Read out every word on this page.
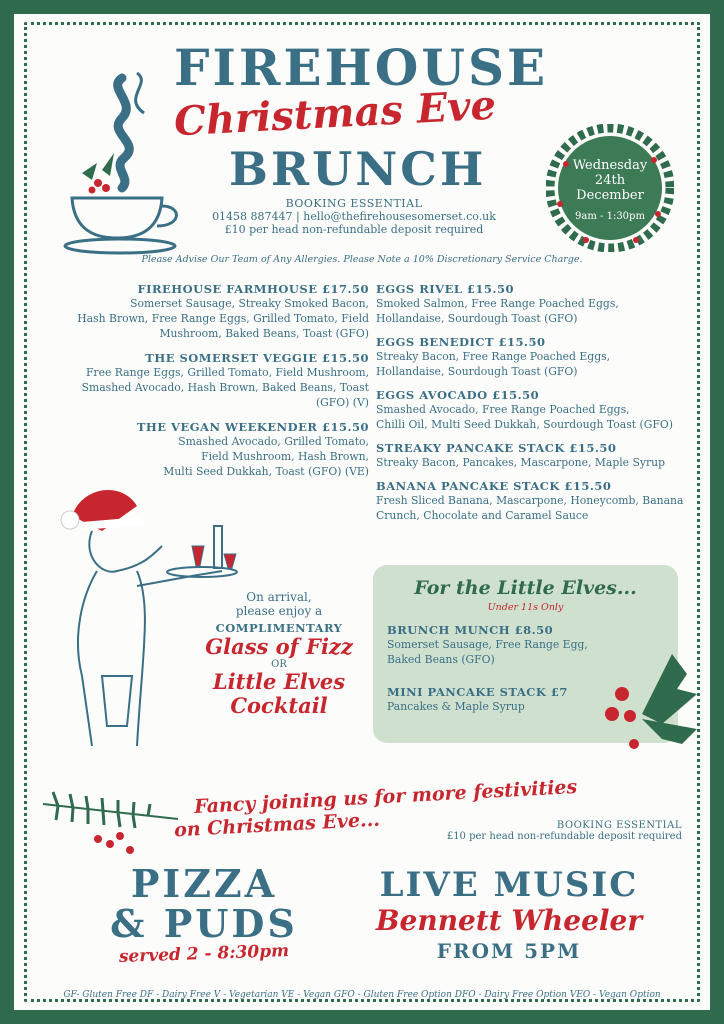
FIREHOUSE
Christmas Eve
BRUNCH
BOOKING ESSENTIAL
01458 887447 | hello@thefirehousesomerset.co.uk
£10 per head non-refundable deposit required
Wednesday
24th
December
9am - 1:30pm
Please Advise Our Team of Any Allergies. Please Note a 10% Discretionary Service Charge.
FIREHOUSE FARMHOUSE £17.50
Somerset Sausage, Streaky Smoked Bacon,
Hash Brown, Free Range Eggs, Grilled Tomato, Field
Mushroom, Baked Beans, Toast (GFO)
THE SOMERSET VEGGIE £15.50
Free Range Eggs, Grilled Tomato, Field Mushroom,
Smashed Avocado, Hash Brown, Baked Beans, Toast
(GFO) (V)
THE VEGAN WEEKENDER £15.50
Smashed Avocado, Grilled Tomato,
Field Mushroom, Hash Brown,
Multi Seed Dukkah, Toast (GFO) (VE)
EGGS RIVEL £15.50
Smoked Salmon, Free Range Poached Eggs,
Hollandaise, Sourdough Toast (GFO)
EGGS BENEDICT £15.50
Streaky Bacon, Free Range Poached Eggs,
Hollandaise, Sourdough Toast (GFO)
EGGS AVOCADO £15.50
Smashed Avocado, Free Range Poached Eggs,
Chilli Oil, Multi Seed Dukkah, Sourdough Toast (GFO)
STREAKY PANCAKE STACK £15.50
Streaky Bacon, Pancakes, Mascarpone, Maple Syrup
BANANA PANCAKE STACK £15.50
Fresh Sliced Banana, Mascarpone, Honeycomb, Banana
Crunch, Chocolate and Caramel Sauce
On arrival,
please enjoy a
COMPLIMENTARY
Glass of Fizz
OR
Little Elves
Cocktail
For the Little Elves...
Under 11s Only
BRUNCH MUNCH £8.50
Somerset Sausage, Free Range Egg,
Baked Beans (GFO)
MINI PANCAKE STACK £7
Pancakes & Maple Syrup
Fancy joining us for more festivities
on Christmas Eve...	BOOKING ESSENTIAL
£10 per head non-refundable deposit required
PIZZA
& PUDS
served 2 - 8:30pm
LIVE MUSIC
Bennett Wheeler
FROM 5PM
GF- Gluten Free DF - Dairy Free V - Vegetarian VE - Vegan GFO - Gluten Free Option DFO - Dairy Free Option VEO - Vegan Option
